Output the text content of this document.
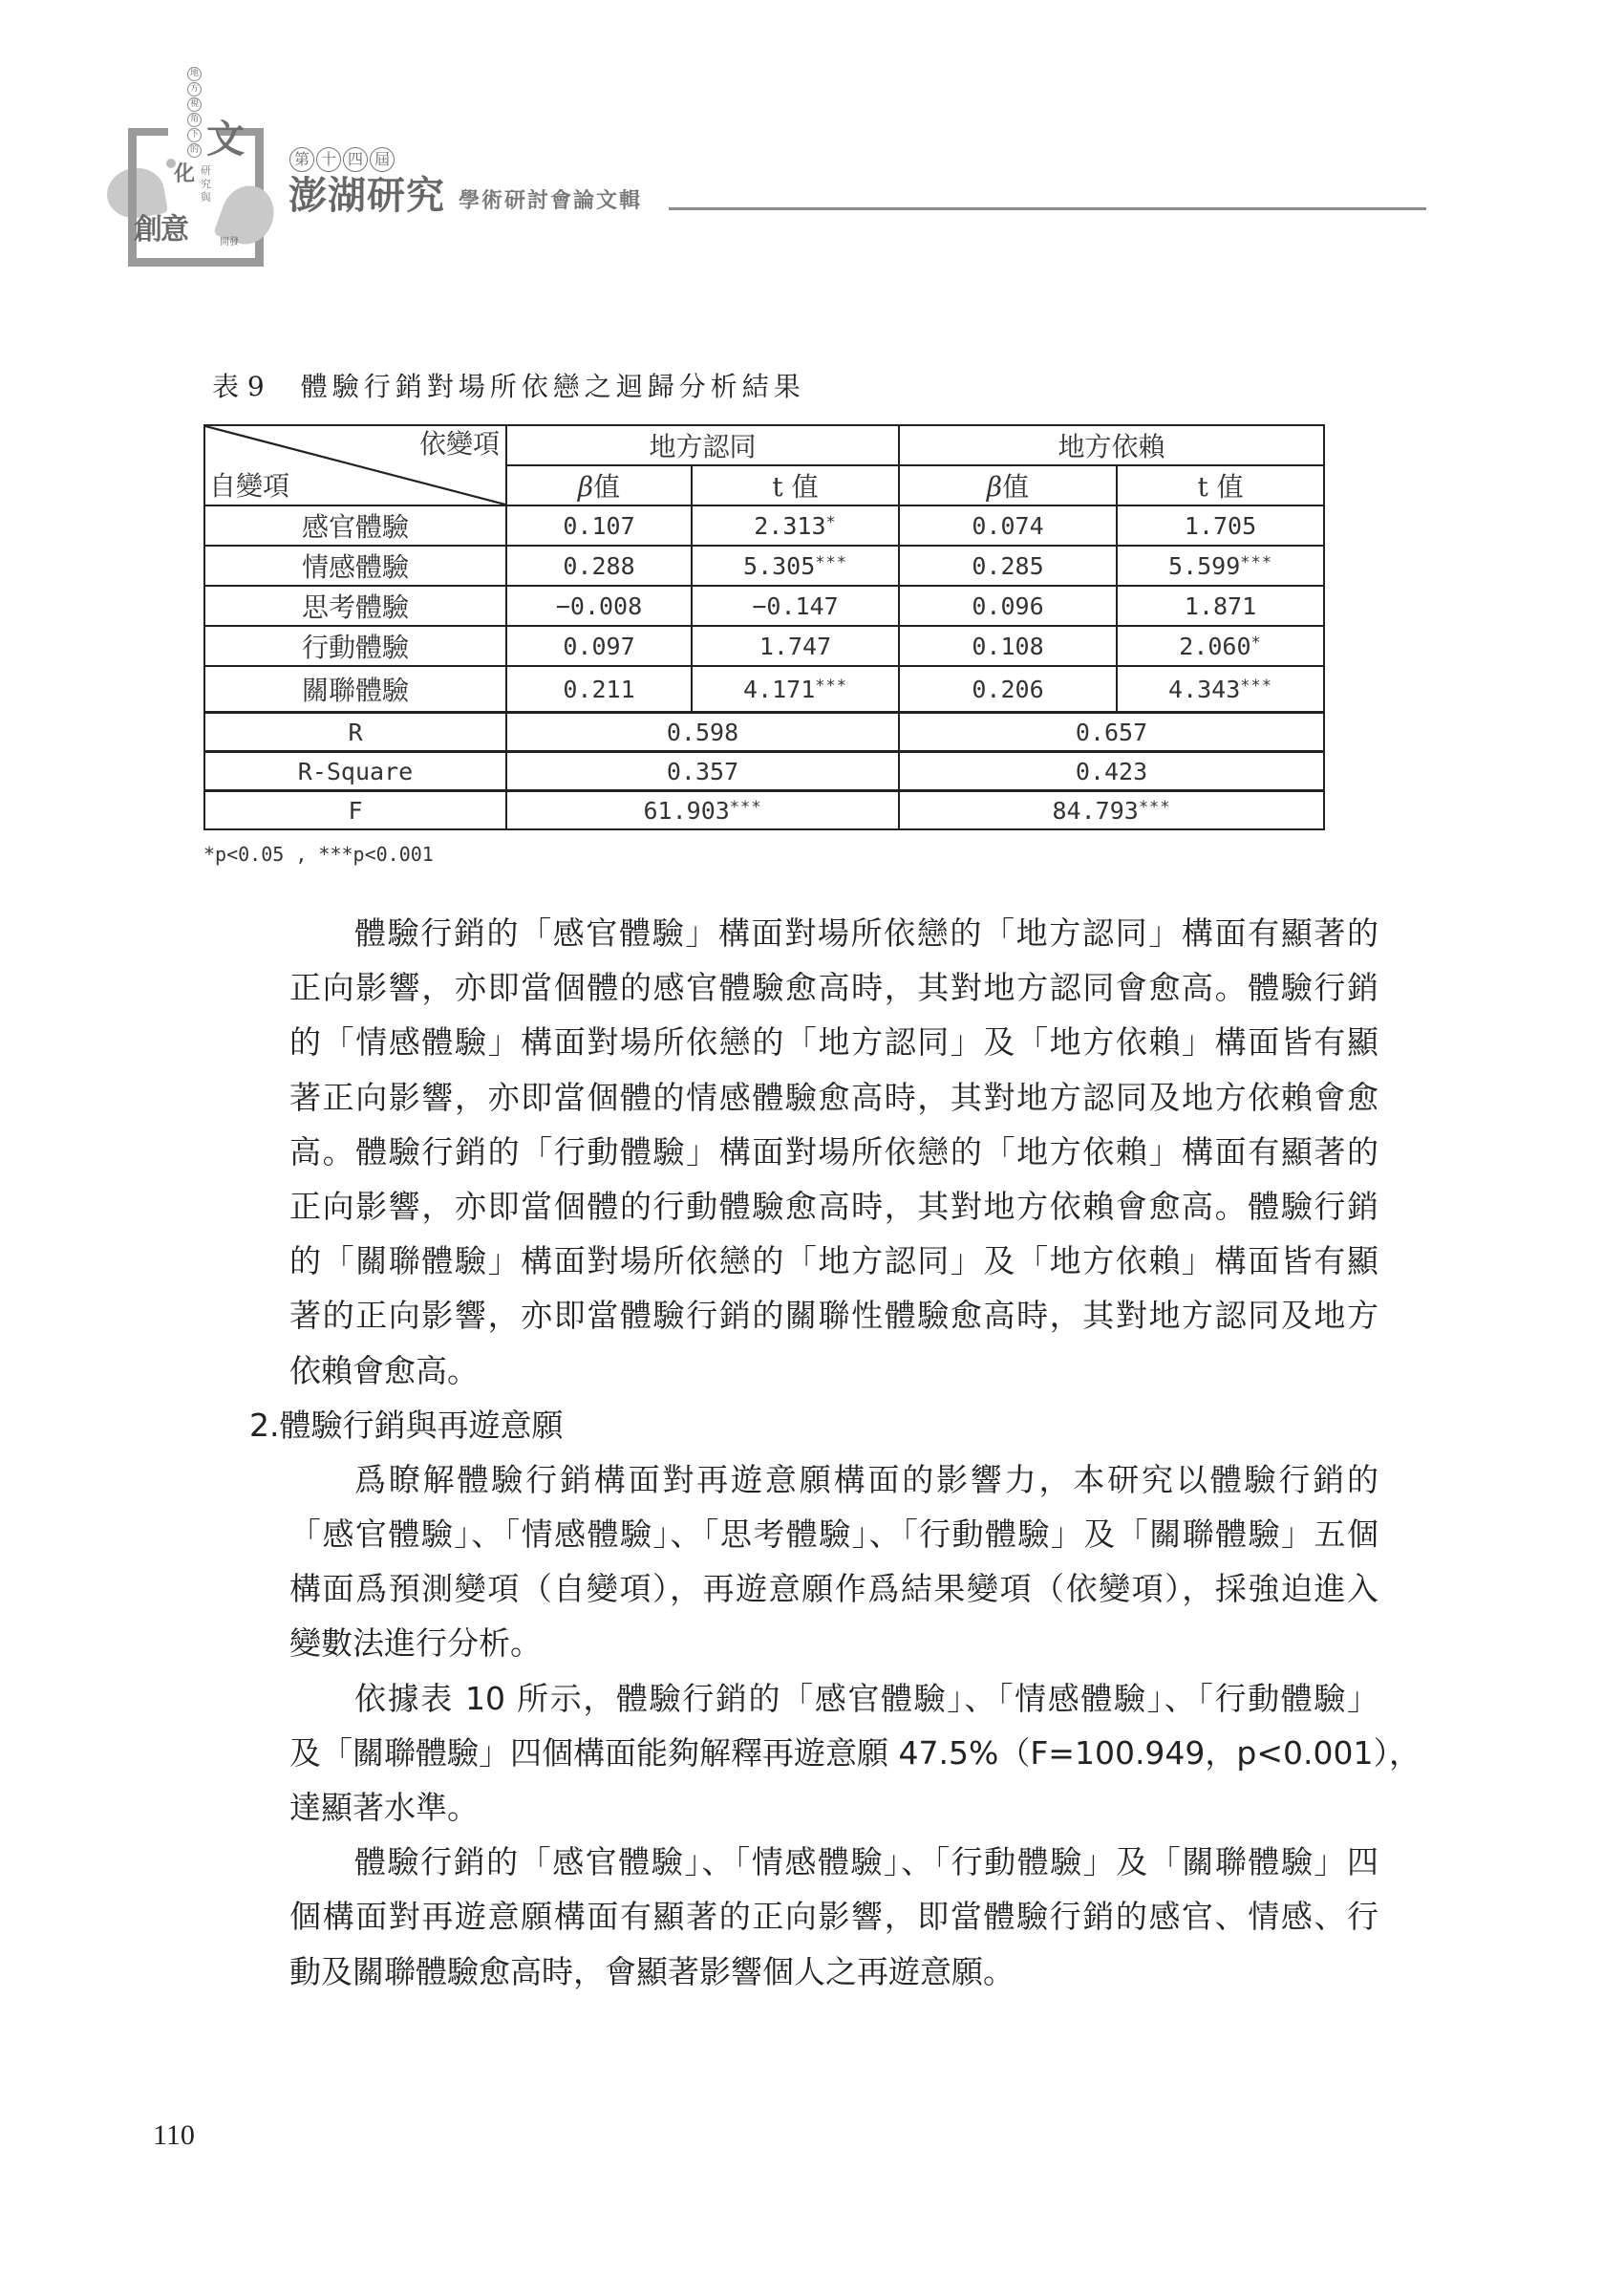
地
方
視
角
下
的 文
化 研
究
與
創意	開發
第 十 四 屆
澎湖研究 學術研討會論文輯
表 9 體驗行銷對場所依戀之迴歸分析結果
依變項
自變項	地方認同		地方依賴	
	β值	t 值	β值	t 值
感官體驗	0.107	2.313*	0.074	1.705
情感體驗	0.288	5.305***	0.285	5.599***
思考體驗	−0.008	−0.147	0.096	1.871
行動體驗	0.097	1.747	0.108	2.060*
關聯體驗	0.211	4.171***	0.206	4.343***
R	0.598		0.657	
R-Square	0.357		0.423	
F	61.903***		84.793***
*p<0.05 , ***p<0.001

體驗行銷的「感官體驗」構面對場所依戀的「地方認同」構面有顯著的
正向影響，亦即當個體的感官體驗愈高時，其對地方認同會愈高。體驗行銷
的「情感體驗」構面對場所依戀的「地方認同」及「地方依賴」構面皆有顯
著正向影響，亦即當個體的情感體驗愈高時，其對地方認同及地方依賴會愈
高。體驗行銷的「行動體驗」構面對場所依戀的「地方依賴」構面有顯著的
正向影響，亦即當個體的行動體驗愈高時，其對地方依賴會愈高。體驗行銷
的「關聯體驗」構面對場所依戀的「地方認同」及「地方依賴」構面皆有顯
著的正向影響，亦即當體驗行銷的關聯性體驗愈高時，其對地方認同及地方
依賴會愈高。

2.體驗行銷與再遊意願

爲瞭解體驗行銷構面對再遊意願構面的影響力，本研究以體驗行銷的
「感官體驗」、「情感體驗」、「思考體驗」、「行動體驗」及「關聯體驗」五個
構面爲預測變項（自變項），再遊意願作爲結果變項（依變項），採強迫進入
變數法進行分析。

依據表 10 所示，體驗行銷的「感官體驗」、「情感體驗」、「行動體驗」
及「關聯體驗」四個構面能夠解釋再遊意願 47.5%（F=100.949，p<0.001），
達顯著水準。

體驗行銷的「感官體驗」、「情感體驗」、「行動體驗」及「關聯體驗」四
個構面對再遊意願構面有顯著的正向影響，即當體驗行銷的感官、情感、行
動及關聯體驗愈高時，會顯著影響個人之再遊意願。

110
